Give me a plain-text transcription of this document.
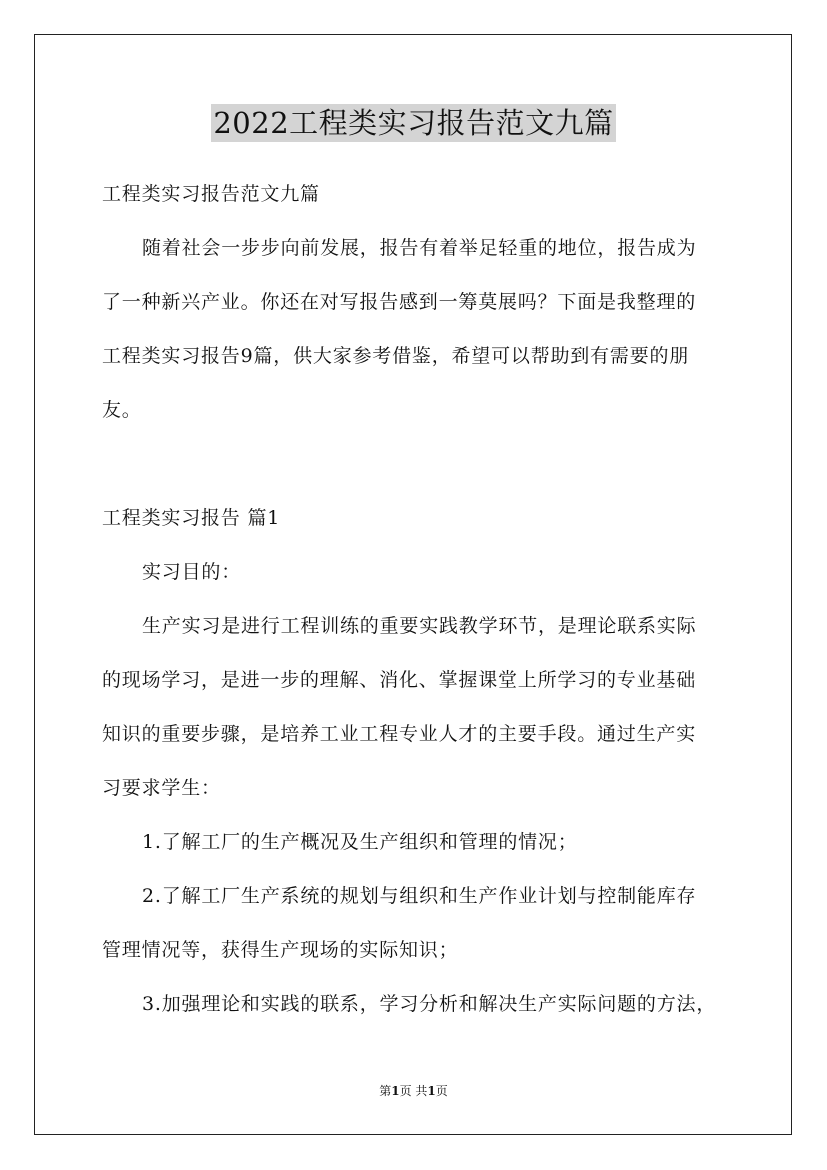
2022工程类实习报告范文九篇
工程类实习报告范文九篇
随着社会一步步向前发展，报告有着举足轻重的地位，报告成为
了一种新兴产业。你还在对写报告感到一筹莫展吗？下面是我整理的
工程类实习报告9篇，供大家参考借鉴，希望可以帮助到有需要的朋
友。
工程类实习报告 篇1
实习目的：
生产实习是进行工程训练的重要实践教学环节，是理论联系实际
的现场学习，是进一步的理解、消化、掌握课堂上所学习的专业基础
知识的重要步骤，是培养工业工程专业人才的主要手段。通过生产实
习要求学生：
1.了解工厂的生产概况及生产组织和管理的情况；
2.了解工厂生产系统的规划与组织和生产作业计划与控制能库存
管理情况等，获得生产现场的实际知识；
3.加强理论和实践的联系，学习分析和解决生产实际问题的方法，
第1页 共1页
